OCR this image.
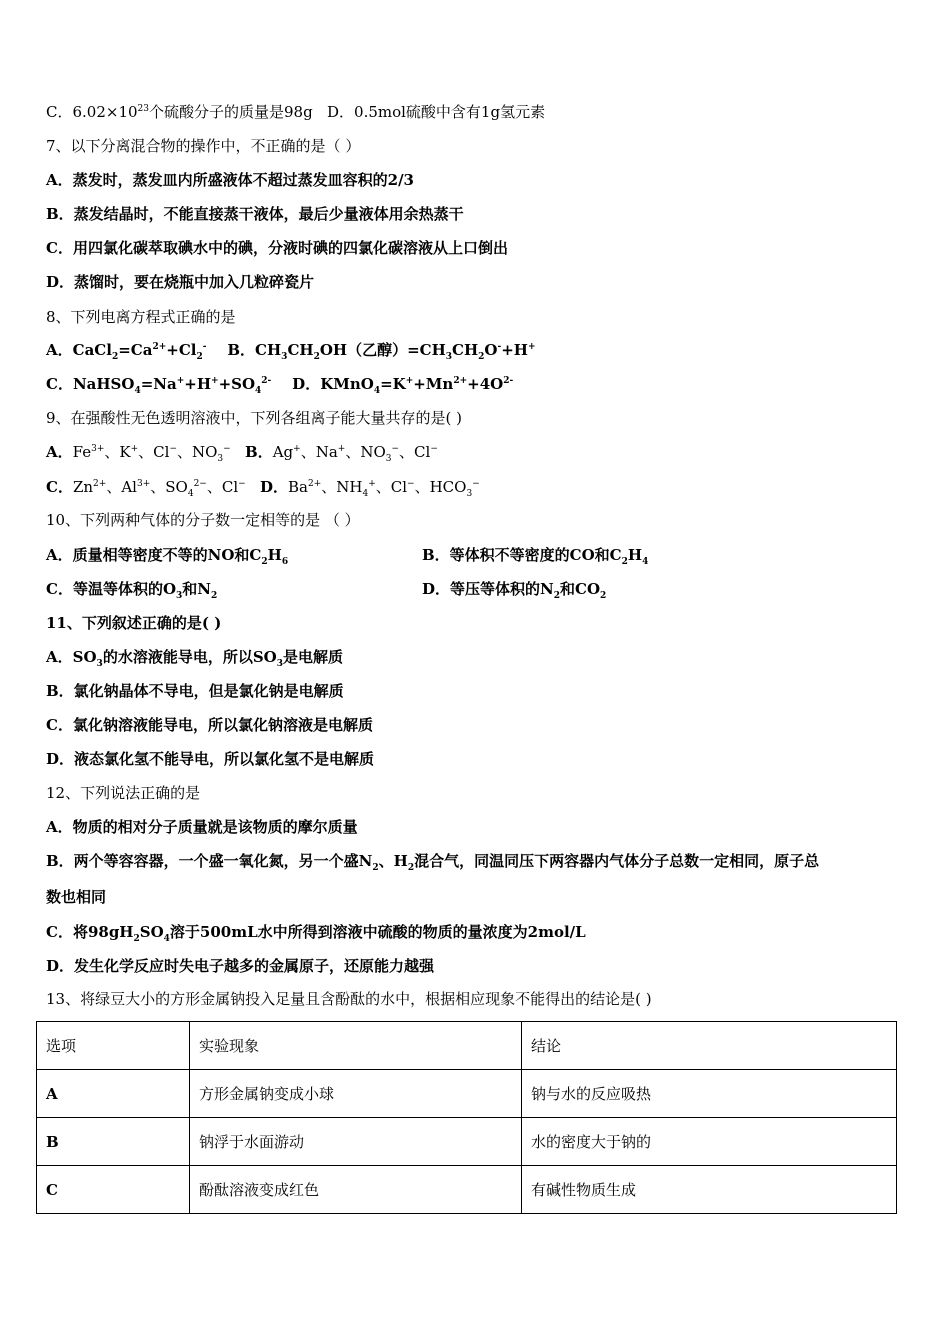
C．$6.02\times 10^{23}$个硫酸分子的质量是98g D．0.5mol硫酸中含有1g氢元素
7、以下分离混合物的操作中，不正确的是（ ）
A．蒸发时，蒸发皿内所盛液体不超过蒸发皿容积的2/3
B．蒸发结晶时，不能直接蒸干液体，最后少量液体用余热蒸干
C．用四氯化碳萃取碘水中的碘，分液时碘的四氯化碳溶液从上口倒出
D．蒸馏时，要在烧瓶中加入几粒碎瓷片
8、下列电离方程式正确的是
A．$CaCl_2=Ca^{2+}+Cl_2^-$    B．$CH_3CH_2OH$（乙醇）$=CH_3CH_2O^-+H^+$
C．$NaHSO_4=Na^++H^++SO_4^{2-}$    D．$KMnO_4=K^++Mn^{2+}+4O^{2-}$
9、在强酸性无色透明溶液中，下列各组离子能大量共存的是( )
A．$Fe^{3+}$、K+、Cl−、$NO_3^-$ B．Ag+、Na+、$NO_3^-$、Cl−
C．$Zn^{2+}$、$Al^{3+}$、$SO_4^{2-}$、Cl− D．$Ba^{2+}$、$NH_4^+$、Cl−、$HCO_3^-$
10、下列两种气体的分子数一定相等的是 （ ）
A．质量相等密度不等的NO和$C_2H_6$	B．等体积不等密度的CO和$C_2H_4$
C．等温等体积的$O_3$和$N_2$	D．等压等体积的$N_2$和$CO_2$
11、下列叙述正确的是( )
A．$SO_3$的水溶液能导电，所以$SO_3$是电解质
B．氯化钠晶体不导电，但是氯化钠是电解质
C．氯化钠溶液能导电，所以氯化钠溶液是电解质
D．液态氯化氢不能导电，所以氯化氢不是电解质
12、下列说法正确的是
A．物质的相对分子质量就是该物质的摩尔质量
B．两个等容容器，一个盛一氧化氮，另一个盛$N_2$、$H_2$混合气，同温同压下两容器内气体分子总数一定相同，原子总
数也相同
C．将$98gH_2SO_4$溶于500mL水中所得到溶液中硫酸的物质的量浓度为2mol/L
D．发生化学反应时失电子越多的金属原子，还原能力越强
13、将绿豆大小的方形金属钠投入足量且含酚酞的水中，根据相应现象不能得出的结论是( )
选项	实验现象	结论
A	方形金属钠变成小球	钠与水的反应吸热
B	钠浮于水面游动	水的密度大于钠的
C	酚酞溶液变成红色	有碱性物质生成
